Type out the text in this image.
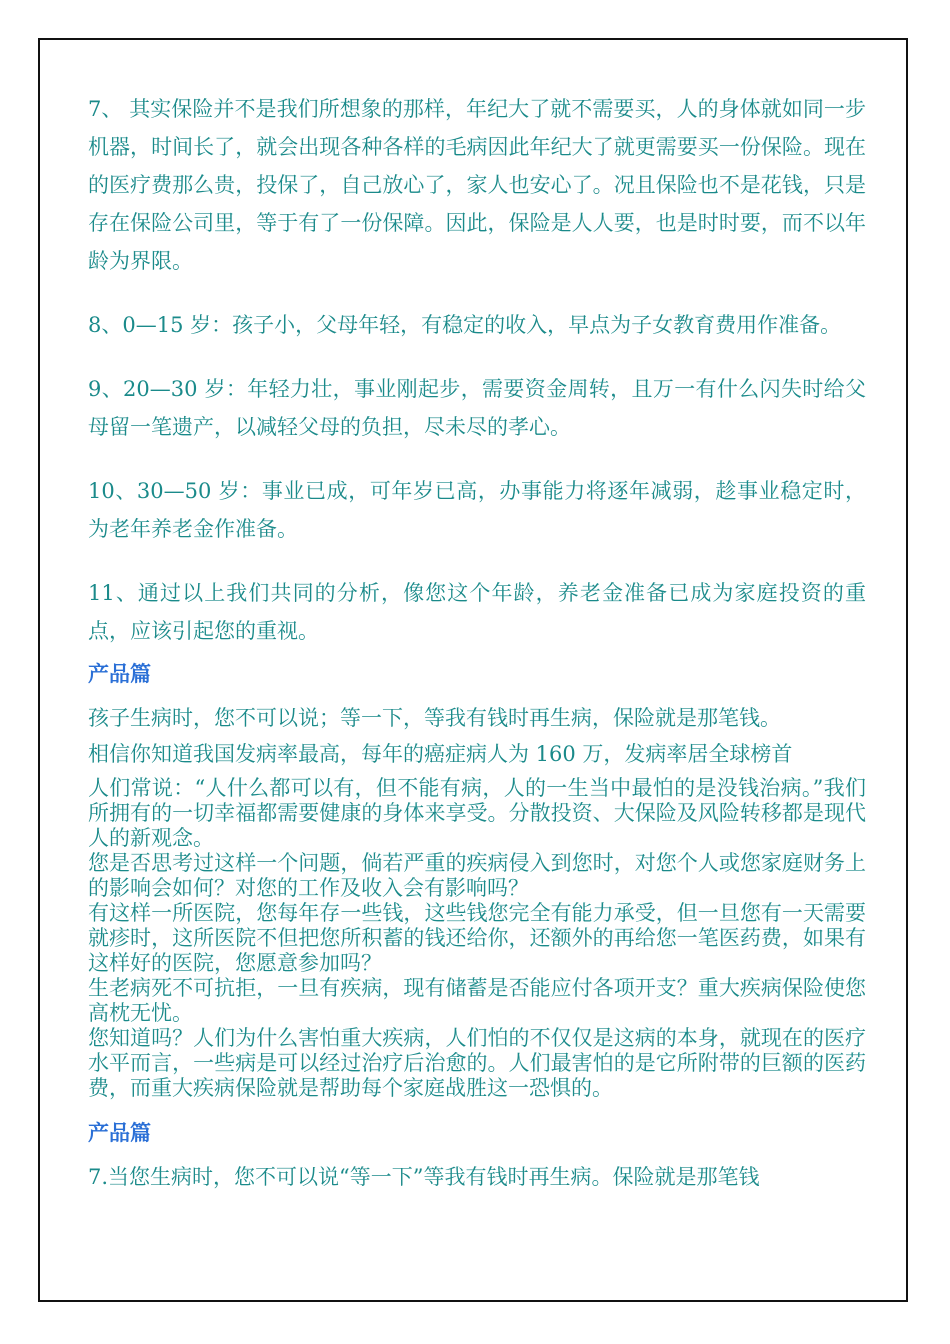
7、 其实保险并不是我们所想象的那样，年纪大了就不需要买，人的身体就如同一步机器，时间长了，就会出现各种各样的毛病因此年纪大了就更需要买一份保险。现在的医疗费那么贵，投保了，自己放心了，家人也安心了。况且保险也不是花钱，只是存在保险公司里，等于有了一份保障。因此，保险是人人要，也是时时要，而不以年龄为界限。

8、0—15 岁：孩子小，父母年轻，有稳定的收入，早点为子女教育费用作准备。

9、20—30 岁：年轻力壮，事业刚起步，需要资金周转，且万一有什么闪失时给父母留一笔遗产，以减轻父母的负担，尽未尽的孝心。

10、30—50 岁：事业已成，可年岁已高，办事能力将逐年减弱，趁事业稳定时，为老年养老金作准备。

11、通过以上我们共同的分析，像您这个年龄，养老金准备已成为家庭投资的重点，应该引起您的重视。

产品篇

孩子生病时，您不可以说；等一下，等我有钱时再生病，保险就是那笔钱。

相信你知道我国发病率最高，每年的癌症病人为 160 万，发病率居全球榜首

人们常说：“人什么都可以有，但不能有病，人的一生当中最怕的是没钱治病。”我们所拥有的一切幸福都需要健康的身体来享受。分散投资、大保险及风险转移都是现代人的新观念。

您是否思考过这样一个问题，倘若严重的疾病侵入到您时，对您个人或您家庭财务上的影响会如何？对您的工作及收入会有影响吗？

有这样一所医院，您每年存一些钱，这些钱您完全有能力承受，但一旦您有一天需要就疹时，这所医院不但把您所积蓄的钱还给你，还额外的再给您一笔医药费，如果有这样好的医院，您愿意参加吗？

生老病死不可抗拒，一旦有疾病，现有储蓄是否能应付各项开支？重大疾病保险使您高枕无忧。

您知道吗？人们为什么害怕重大疾病，人们怕的不仅仅是这病的本身，就现在的医疗水平而言，一些病是可以经过治疗后治愈的。人们最害怕的是它所附带的巨额的医药费，而重大疾病保险就是帮助每个家庭战胜这一恐惧的。

产品篇

7.当您生病时，您不可以说“等一下”等我有钱时再生病。保险就是那笔钱
